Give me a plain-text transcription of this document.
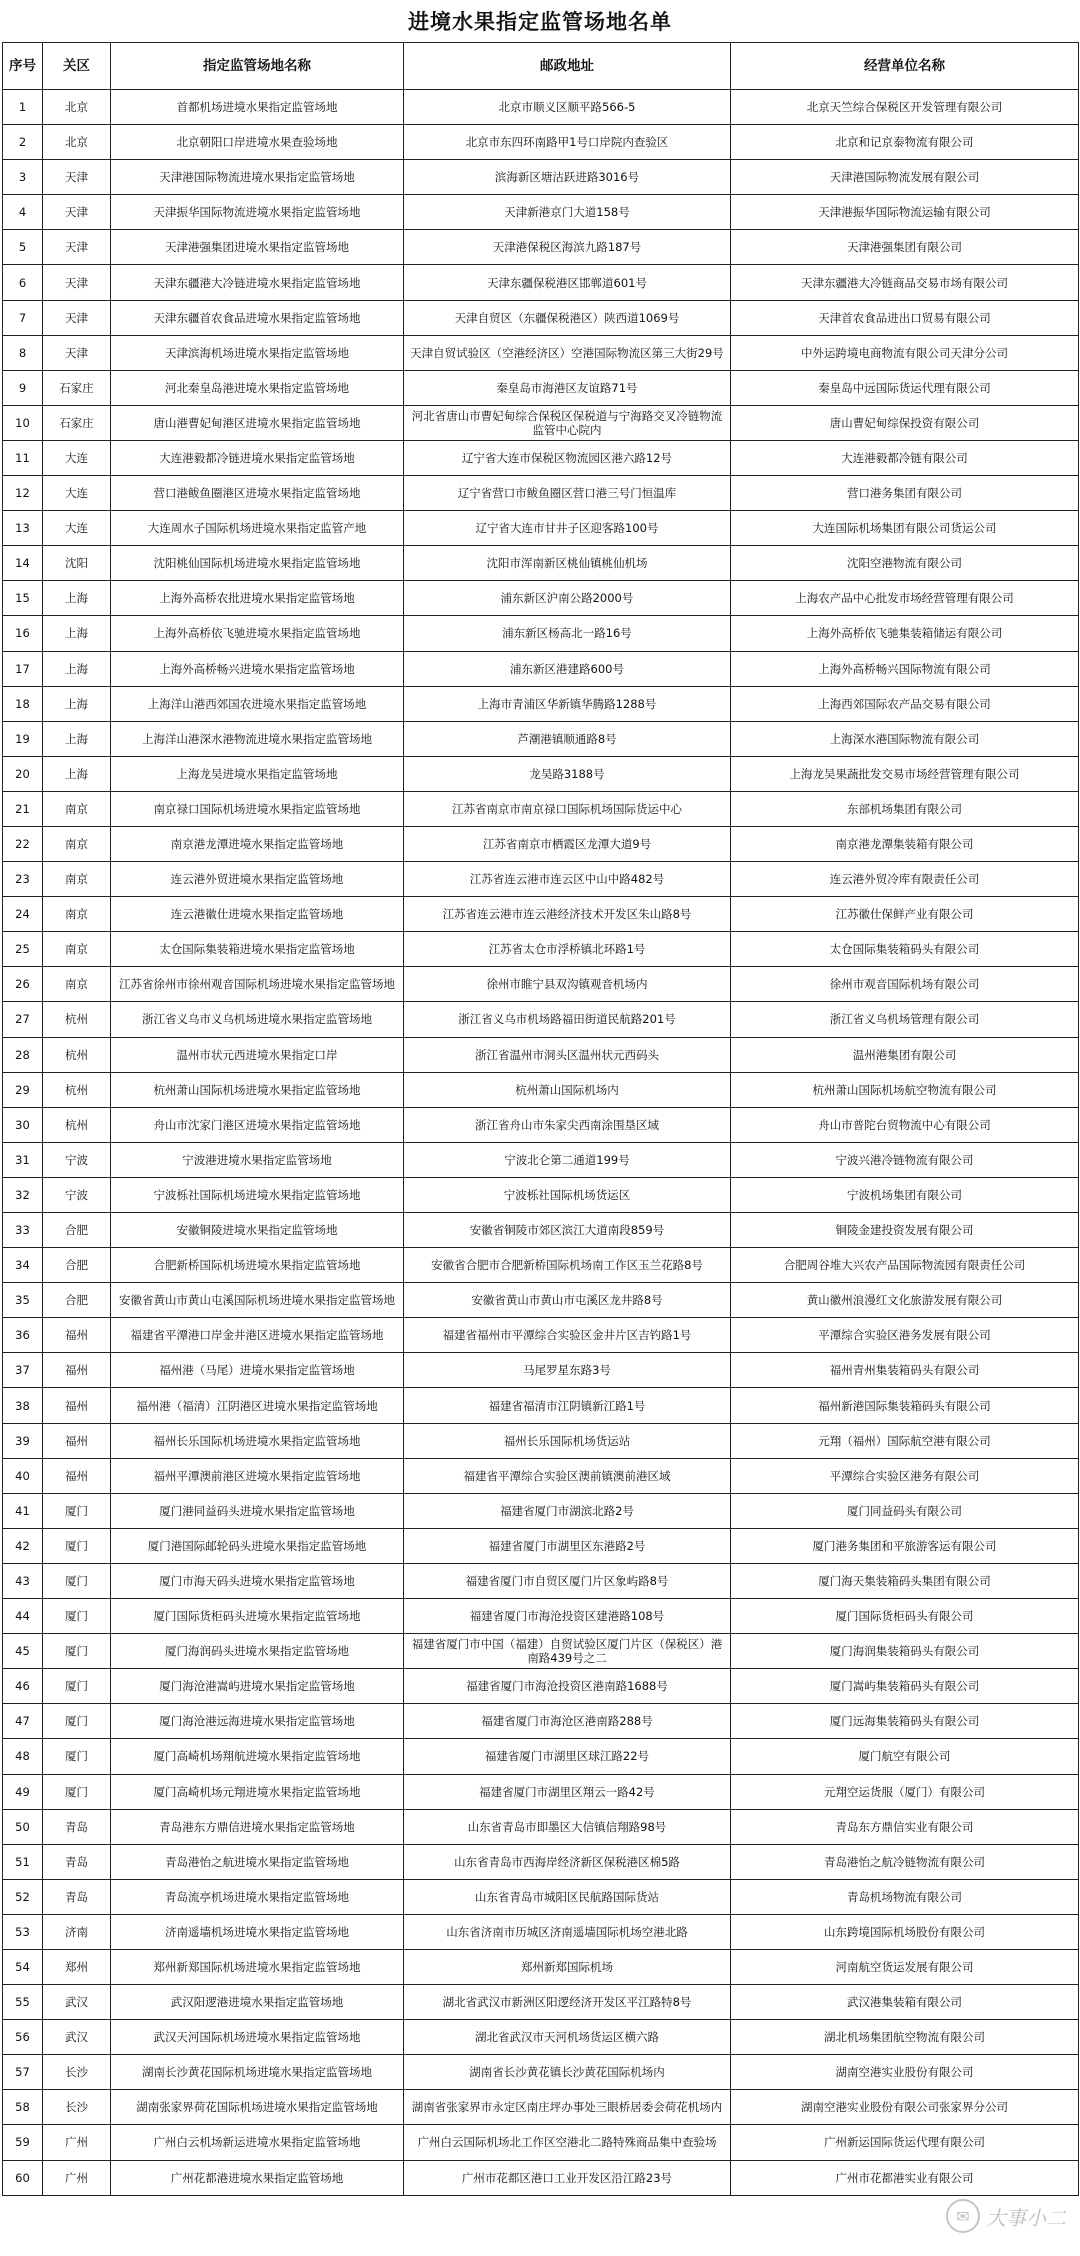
进境水果指定监管场地名单
序号	关区	指定监管场地名称	邮政地址	经营单位名称
1	北京	首都机场进境水果指定监管场地	北京市顺义区顺平路566-5	北京天竺综合保税区开发管理有限公司
2	北京	北京朝阳口岸进境水果查验场地	北京市东四环南路甲1号口岸院内查验区	北京和记京泰物流有限公司
3	天津	天津港国际物流进境水果指定监管场地	滨海新区塘沽跃进路3016号	天津港国际物流发展有限公司
4	天津	天津振华国际物流进境水果指定监管场地	天津新港京门大道158号	天津港振华国际物流运输有限公司
5	天津	天津港强集团进境水果指定监管场地	天津港保税区海滨九路187号	天津港强集团有限公司
6	天津	天津东疆港大冷链进境水果指定监管场地	天津东疆保税港区邯郸道601号	天津东疆港大冷链商品交易市场有限公司
7	天津	天津东疆首农食品进境水果指定监管场地	天津自贸区（东疆保税港区）陕西道1069号	天津首农食品进出口贸易有限公司
8	天津	天津滨海机场进境水果指定监管场地	天津自贸试验区（空港经济区）空港国际物流区第三大街29号	中外运跨境电商物流有限公司天津分公司
9	石家庄	河北秦皇岛港进境水果指定监管场地	秦皇岛市海港区友谊路71号	秦皇岛中远国际货运代理有限公司
10	石家庄	唐山港曹妃甸港区进境水果指定监管场地	河北省唐山市曹妃甸综合保税区保税道与宁海路交叉冷链物流监管中心院内	唐山曹妃甸综保投资有限公司
11	大连	大连港毅都冷链进境水果指定监管场地	辽宁省大连市保税区物流园区港六路12号	大连港毅都冷链有限公司
12	大连	营口港鲅鱼圈港区进境水果指定监管场地	辽宁省营口市鲅鱼圈区营口港三号门恒温库	营口港务集团有限公司
13	大连	大连周水子国际机场进境水果指定监管产地	辽宁省大连市甘井子区迎客路100号	大连国际机场集团有限公司货运公司
14	沈阳	沈阳桃仙国际机场进境水果指定监管场地	沈阳市浑南新区桃仙镇桃仙机场	沈阳空港物流有限公司
15	上海	上海外高桥农批进境水果指定监管场地	浦东新区沪南公路2000号	上海农产品中心批发市场经营管理有限公司
16	上海	上海外高桥依飞驰进境水果指定监管场地	浦东新区杨高北一路16号	上海外高桥依飞驰集装箱储运有限公司
17	上海	上海外高桥畅兴进境水果指定监管场地	浦东新区港建路600号	上海外高桥畅兴国际物流有限公司
18	上海	上海洋山港西郊国农进境水果指定监管场地	上海市青浦区华新镇华腾路1288号	上海西郊国际农产品交易有限公司
19	上海	上海洋山港深水港物流进境水果指定监管场地	芦潮港镇顺通路8号	上海深水港国际物流有限公司
20	上海	上海龙吴进境水果指定监管场地	龙吴路3188号	上海龙吴果蔬批发交易市场经营管理有限公司
21	南京	南京禄口国际机场进境水果指定监管场地	江苏省南京市南京禄口国际机场国际货运中心	东部机场集团有限公司
22	南京	南京港龙潭进境水果指定监管场地	江苏省南京市栖霞区龙潭大道9号	南京港龙潭集装箱有限公司
23	南京	连云港外贸进境水果指定监管场地	江苏省连云港市连云区中山中路482号	连云港外贸冷库有限责任公司
24	南京	连云港徽仕进境水果指定监管场地	江苏省连云港市连云港经济技术开发区朱山路8号	江苏徽仕保鲜产业有限公司
25	南京	太仓国际集装箱进境水果指定监管场地	江苏省太仓市浮桥镇北环路1号	太仓国际集装箱码头有限公司
26	南京	江苏省徐州市徐州观音国际机场进境水果指定监管场地	徐州市睢宁县双沟镇观音机场内	徐州市观音国际机场有限公司
27	杭州	浙江省义乌市义乌机场进境水果指定监管场地	浙江省义乌市机场路福田街道民航路201号	浙江省义乌机场管理有限公司
28	杭州	温州市状元西进境水果指定口岸	浙江省温州市洞头区温州状元西码头	温州港集团有限公司
29	杭州	杭州萧山国际机场进境水果指定监管场地	杭州萧山国际机场内	杭州萧山国际机场航空物流有限公司
30	杭州	舟山市沈家门港区进境水果指定监管场地	浙江省舟山市朱家尖西南涂围垦区域	舟山市普陀台贸物流中心有限公司
31	宁波	宁波港进境水果指定监管场地	宁波北仑第二通道199号	宁波兴港冷链物流有限公司
32	宁波	宁波栎社国际机场进境水果指定监管场地	宁波栎社国际机场货运区	宁波机场集团有限公司
33	合肥	安徽铜陵进境水果指定监管场地	安徽省铜陵市郊区滨江大道南段859号	铜陵金建投资发展有限公司
34	合肥	合肥新桥国际机场进境水果指定监管场地	安徽省合肥市合肥新桥国际机场南工作区玉兰花路8号	合肥周谷堆大兴农产品国际物流园有限责任公司
35	合肥	安徽省黄山市黄山屯溪国际机场进境水果指定监管场地	安徽省黄山市黄山市屯溪区龙井路8号	黄山徽州浪漫红文化旅游发展有限公司
36	福州	福建省平潭港口岸金井港区进境水果指定监管场地	福建省福州市平潭综合实验区金井片区吉钓路1号	平潭综合实验区港务发展有限公司
37	福州	福州港（马尾）进境水果指定监管场地	马尾罗星东路3号	福州青州集装箱码头有限公司
38	福州	福州港（福清）江阴港区进境水果指定监管场地	福建省福清市江阴镇新江路1号	福州新港国际集装箱码头有限公司
39	福州	福州长乐国际机场进境水果指定监管场地	福州长乐国际机场货运站	元翔（福州）国际航空港有限公司
40	福州	福州平潭澳前港区进境水果指定监管场地	福建省平潭综合实验区澳前镇澳前港区域	平潭综合实验区港务有限公司
41	厦门	厦门港同益码头进境水果指定监管场地	福建省厦门市湖滨北路2号	厦门同益码头有限公司
42	厦门	厦门港国际邮轮码头进境水果指定监管场地	福建省厦门市湖里区东港路2号	厦门港务集团和平旅游客运有限公司
43	厦门	厦门市海天码头进境水果指定监管场地	福建省厦门市自贸区厦门片区象屿路8号	厦门海天集装箱码头集团有限公司
44	厦门	厦门国际货柜码头进境水果指定监管场地	福建省厦门市海沧投资区建港路108号	厦门国际货柜码头有限公司
45	厦门	厦门海润码头进境水果指定监管场地	福建省厦门市中国（福建）自贸试验区厦门片区（保税区）港南路439号之二	厦门海润集装箱码头有限公司
46	厦门	厦门海沧港嵩屿进境水果指定监管场地	福建省厦门市海沧投资区港南路1688号	厦门嵩屿集装箱码头有限公司
47	厦门	厦门海沧港远海进境水果指定监管场地	福建省厦门市海沧区港南路288号	厦门远海集装箱码头有限公司
48	厦门	厦门高崎机场翔航进境水果指定监管场地	福建省厦门市湖里区球江路22号	厦门航空有限公司
49	厦门	厦门高崎机场元翔进境水果指定监管场地	福建省厦门市湖里区翔云一路42号	元翔空运货服（厦门）有限公司
50	青岛	青岛港东方鼎信进境水果指定监管场地	山东省青岛市即墨区大信镇信翔路98号	青岛东方鼎信实业有限公司
51	青岛	青岛港怡之航进境水果指定监管场地	山东省青岛市西海岸经济新区保税港区棉5路	青岛港怡之航冷链物流有限公司
52	青岛	青岛流亭机场进境水果指定监管场地	山东省青岛市城阳区民航路国际货站	青岛机场物流有限公司
53	济南	济南遥墙机场进境水果指定监管场地	山东省济南市历城区济南遥墙国际机场空港北路	山东跨境国际机场股份有限公司
54	郑州	郑州新郑国际机场进境水果指定监管场地	郑州新郑国际机场	河南航空货运发展有限公司
55	武汉	武汉阳逻港进境水果指定监管场地	湖北省武汉市新洲区阳逻经济开发区平江路特8号	武汉港集装箱有限公司
56	武汉	武汉天河国际机场进境水果指定监管场地	湖北省武汉市天河机场货运区横六路	湖北机场集团航空物流有限公司
57	长沙	湖南长沙黄花国际机场进境水果指定监管场地	湖南省长沙黄花镇长沙黄花国际机场内	湖南空港实业股份有限公司
58	长沙	湖南张家界荷花国际机场进境水果指定监管场地	湖南省张家界市永定区南庄坪办事处三眼桥居委会荷花机场内	湖南空港实业股份有限公司张家界分公司
59	广州	广州白云机场新运进境水果指定监管场地	广州白云国际机场北工作区空港北二路特殊商品集中查验场	广州新运国际货运代理有限公司
60	广州	广州花都港进境水果指定监管场地	广州市花都区港口工业开发区沿江路23号	广州市花都港实业有限公司
✉ 大事小二
